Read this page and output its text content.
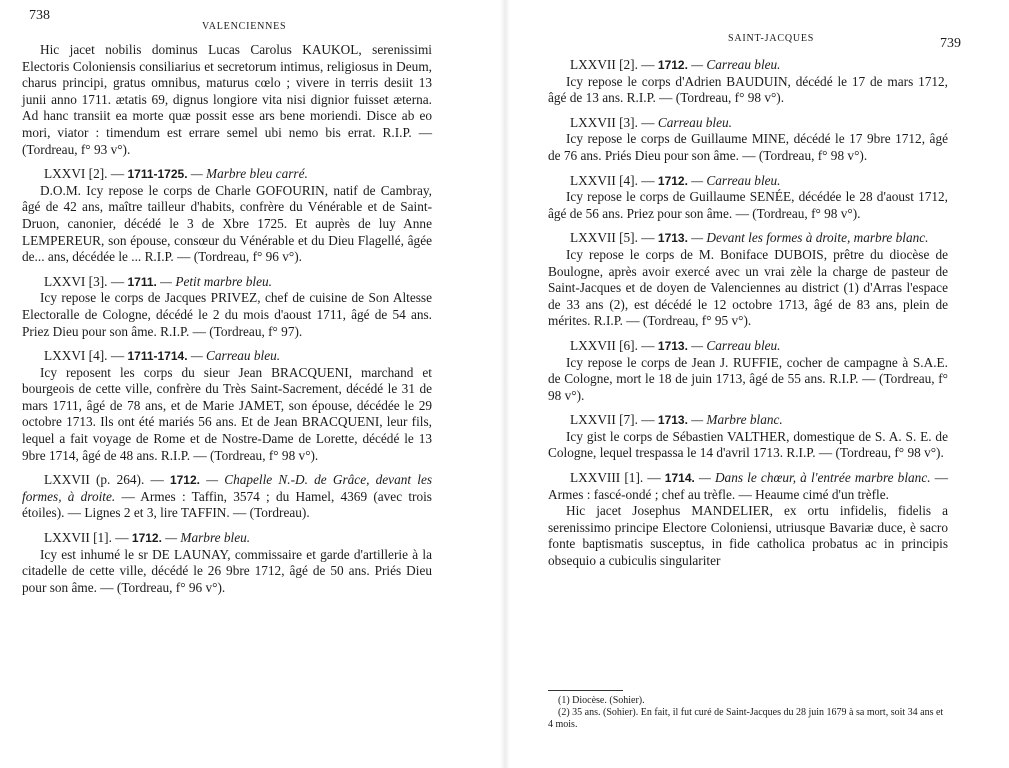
738
VALENCIENNES

Hic jacet nobilis dominus Lucas Carolus KAUKOL, serenissimi Electoris Coloniensis consiliarius et secretorum intimus, religiosus in Deum, charus principi, gratus omnibus, maturus cœlo ; vivere in terris desiit 13 junii anno 1711. ætatis 69, dignus longiore vita nisi dignior fuisset æterna. Ad hanc transiit ea morte quæ possit esse ars bene moriendi. Disce ab eo mori, viator : timendum est errare semel ubi nemo bis errat. R.I.P. — (Tordreau, f° 93 v°).

LXXVI [2]. — 1711-1725. — Marbre bleu carré.

D.O.M. Icy repose le corps de Charle GOFOURIN, natif de Cambray, âgé de 42 ans, maître tailleur d'habits, confrère du Vénérable et de Saint-Druon, canonier, décédé le 3 de Xbre 1725. Et auprès de luy Anne LEMPEREUR, son épouse, consœur du Vénérable et du Dieu Flagellé, âgée de... ans, décédée le ... R.I.P. — (Tordreau, f° 96 v°).

LXXVI [3]. — 1711. — Petit marbre bleu.

Icy repose le corps de Jacques PRIVEZ, chef de cuisine de Son Altesse Electoralle de Cologne, décédé le 2 du mois d'aoust 1711, âgé de 54 ans. Priez Dieu pour son âme. R.I.P. — (Tordreau, f° 97).

LXXVI [4]. — 1711-1714. — Carreau bleu.

Icy reposent les corps du sieur Jean BRACQUENI, marchand et bourgeois de cette ville, confrère du Très Saint-Sacrement, décédé le 31 de mars 1711, âgé de 78 ans, et de Marie JAMET, son épouse, décédée le 29 octobre 1713. Ils ont été mariés 56 ans. Et de Jean BRACQUENI, leur fils, lequel a fait voyage de Rome et de Nostre-Dame de Lorette, décédé le 13 9bre 1714, âgé de 48 ans. R.I.P. — (Tordreau, f° 98 v°).

LXXVII (p. 264). — 1712. — Chapelle N.-D. de Grâce, devant les formes, à droite. — Armes : Taffin, 3574 ; du Hamel, 4369 (avec trois étoiles). — Lignes 2 et 3, lire TAFFIN. — (Tordreau).

LXXVII [1]. — 1712. — Marbre bleu.

Icy est inhumé le sr DE LAUNAY, commissaire et garde d'artillerie à la citadelle de cette ville, décédé le 26 9bre 1712, âgé de 50 ans. Priés Dieu pour son âme. — (Tordreau, f° 96 v°).

SAINT-JACQUES	739

LXXVII [2]. — 1712. — Carreau bleu.

Icy repose le corps d'Adrien BAUDUIN, décédé le 17 de mars 1712, âgé de 13 ans. R.I.P. — (Tordreau, f° 98 v°).

LXXVII [3]. — Carreau bleu.

Icy repose le corps de Guillaume MINE, décédé le 17 9bre 1712, âgé de 76 ans. Priés Dieu pour son âme. — (Tordreau, f° 98 v°).

LXXVII [4]. — 1712. — Carreau bleu.

Icy repose le corps de Guillaume SENÉE, décédée le 28 d'aoust 1712, âgé de 56 ans. Priez pour son âme. — (Tordreau, f° 98 v°).

LXXVII [5]. — 1713. — Devant les formes à droite, marbre blanc.

Icy repose le corps de M. Boniface DUBOIS, prêtre du diocèse de Boulogne, après avoir exercé avec un vrai zèle la charge de pasteur de Saint-Jacques et de doyen de Valenciennes au district (1) d'Arras l'espace de 33 ans (2), est décédé le 12 octobre 1713, âgé de 83 ans, plein de mérites. R.I.P. — (Tordreau, f° 95 v°).

LXXVII [6]. — 1713. — Carreau bleu.

Icy repose le corps de Jean J. RUFFIE, cocher de campagne à S.A.E. de Cologne, mort le 18 de juin 1713, âgé de 55 ans. R.I.P. — (Tordreau, f° 98 v°).

LXXVII [7]. — 1713. — Marbre blanc.

Icy gist le corps de Sébastien VALTHER, domestique de S. A. S. E. de Cologne, lequel trespassa le 14 d'avril 1713. R.I.P. — (Tordreau, f° 98 v°).

LXXVIII [1]. — 1714. — Dans le chœur, à l'entrée marbre blanc. — Armes : fascé-ondé ; chef au trèfle. — Heaume cimé d'un trèfle.

Hic jacet Josephus MANDELIER, ex ortu infidelis, fidelis a serenissimo principe Electore Coloniensi, utriusque Bavariæ duce, è sacro fonte baptismatis susceptus, in fide catholica probatus ac in principis obsequio a cubiculis singulariter

(1) Diocèse. (Sohier).

(2) 35 ans. (Sohier). En fait, il fut curé de Saint-Jacques du 28 juin 1679 à sa mort, soit 34 ans et 4 mois.
